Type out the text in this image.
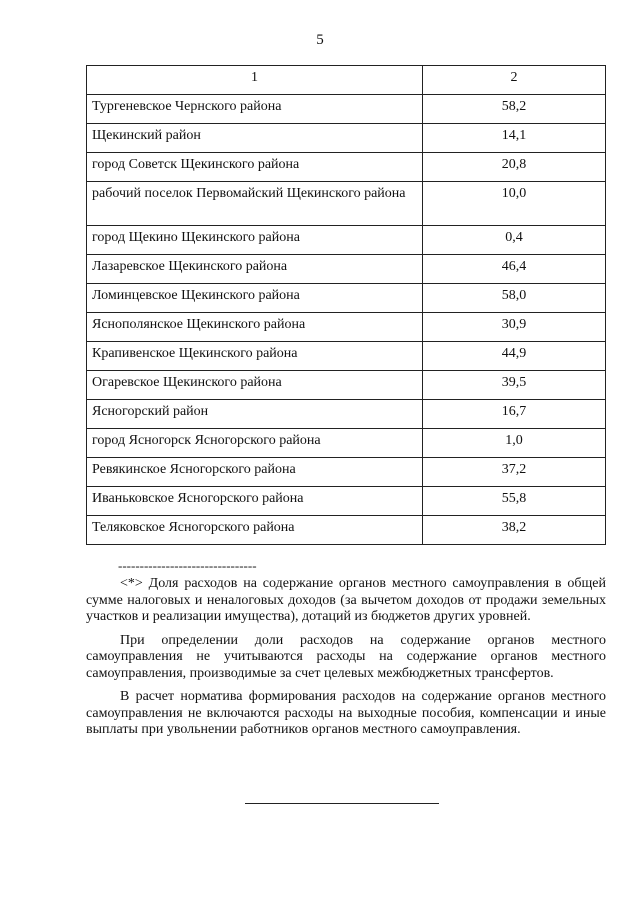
5
1	2
Тургеневское Чернского района	58,2
Щекинский район	14,1
город Советск Щекинского района	20,8
рабочий поселок Первомайский Щекинского района	10,0
город Щекино Щекинского района	0,4
Лазаревское Щекинского района	46,4
Ломинцевское Щекинского района	58,0
Яснополянское Щекинского района	30,9
Крапивенское Щекинского района	44,9
Огаревское Щекинского района	39,5
Ясногорский район	16,7
город Ясногорск Ясногорского района	1,0
Ревякинское Ясногорского района	37,2
Иваньковское Ясногорского района	55,8
Теляковское Ясногорского района	38,2
--------------------------------

<*> Доля расходов на содержание органов местного самоуправления в общей сумме налоговых и неналоговых доходов (за вычетом доходов от продажи земельных участков и реализации имущества), дотаций из бюджетов других уровней.

При определении доли расходов на содержание органов местного самоуправления не учитываются расходы на содержание органов местного самоуправления, производимые за счет целевых межбюджетных трансфертов.

В расчет норматива формирования расходов на содержание органов местного самоуправления не включаются расходы на выходные пособия, компенсации и иные выплаты при увольнении работников органов местного самоуправления.
